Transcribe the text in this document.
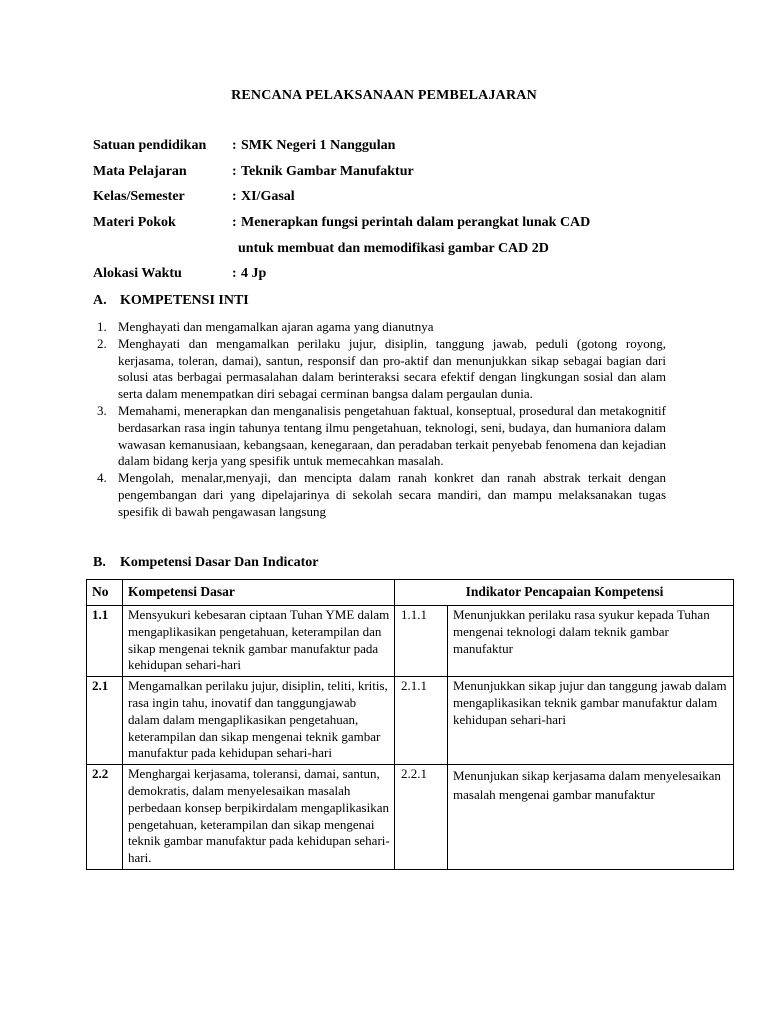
RENCANA PELAKSANAAN PEMBELAJARAN
Satuan pendidikan : SMK Negeri 1 Nanggulan
Mata Pelajaran	: Teknik Gambar Manufaktur
Kelas/Semester	: XI/Gasal
Materi Pokok	: Menerapkan fungsi perintah dalam perangkat lunak CAD
untuk membuat dan memodifikasi gambar CAD 2D
Alokasi Waktu	: 4 Jp
A. KOMPETENSI INTI
1. Menghayati dan mengamalkan ajaran agama yang dianutnya
2. Menghayati dan mengamalkan perilaku jujur, disiplin, tanggung jawab, peduli (gotong royong, kerjasama, toleran, damai), santun, responsif dan pro-aktif dan menunjukkan sikap sebagai bagian dari solusi atas berbagai permasalahan dalam berinteraksi secara efektif dengan lingkungan sosial dan alam serta dalam menempatkan diri sebagai cerminan bangsa dalam pergaulan dunia.
3. Memahami, menerapkan dan menganalisis pengetahuan faktual, konseptual, prosedural dan metakognitif berdasarkan rasa ingin tahunya tentang ilmu pengetahuan, teknologi, seni, budaya, dan humaniora dalam wawasan kemanusiaan, kebangsaan, kenegaraan, dan peradaban terkait penyebab fenomena dan kejadian dalam bidang kerja yang spesifik untuk memecahkan masalah.
4. Mengolah, menalar,menyaji, dan mencipta dalam ranah konkret dan ranah abstrak terkait dengan pengembangan dari yang dipelajarinya di sekolah secara mandiri, dan mampu melaksanakan tugas spesifik di bawah pengawasan langsung
B. Kompetensi Dasar Dan Indicator
No	Kompetensi Dasar	Indikator Pencapaian Kompetensi	
1.1	Mensyukuri kebesaran ciptaan Tuhan YME dalam mengaplikasikan pengetahuan, keterampilan dan sikap mengenai teknik gambar manufaktur pada kehidupan sehari-hari	1.1.1	Menunjukkan perilaku rasa syukur kepada Tuhan mengenai teknologi dalam teknik gambar manufaktur
2.1	Mengamalkan perilaku jujur, disiplin, teliti, kritis, rasa ingin tahu, inovatif dan tanggungjawab dalam dalam mengaplikasikan pengetahuan, keterampilan dan sikap mengenai teknik gambar manufaktur pada kehidupan sehari-hari	2.1.1	Menunjukkan sikap jujur dan tanggung jawab dalam mengaplikasikan teknik gambar manufaktur dalam kehidupan sehari-hari
2.2	Menghargai kerjasama, toleransi, damai, santun, demokratis, dalam menyelesaikan masalah perbedaan konsep berpikirdalam mengaplikasikan pengetahuan, keterampilan dan sikap mengenai teknik gambar manufaktur pada kehidupan sehari-hari.	2.2.1	Menunjukan sikap kerjasama dalam menyelesaikan masalah mengenai gambar manufaktur
